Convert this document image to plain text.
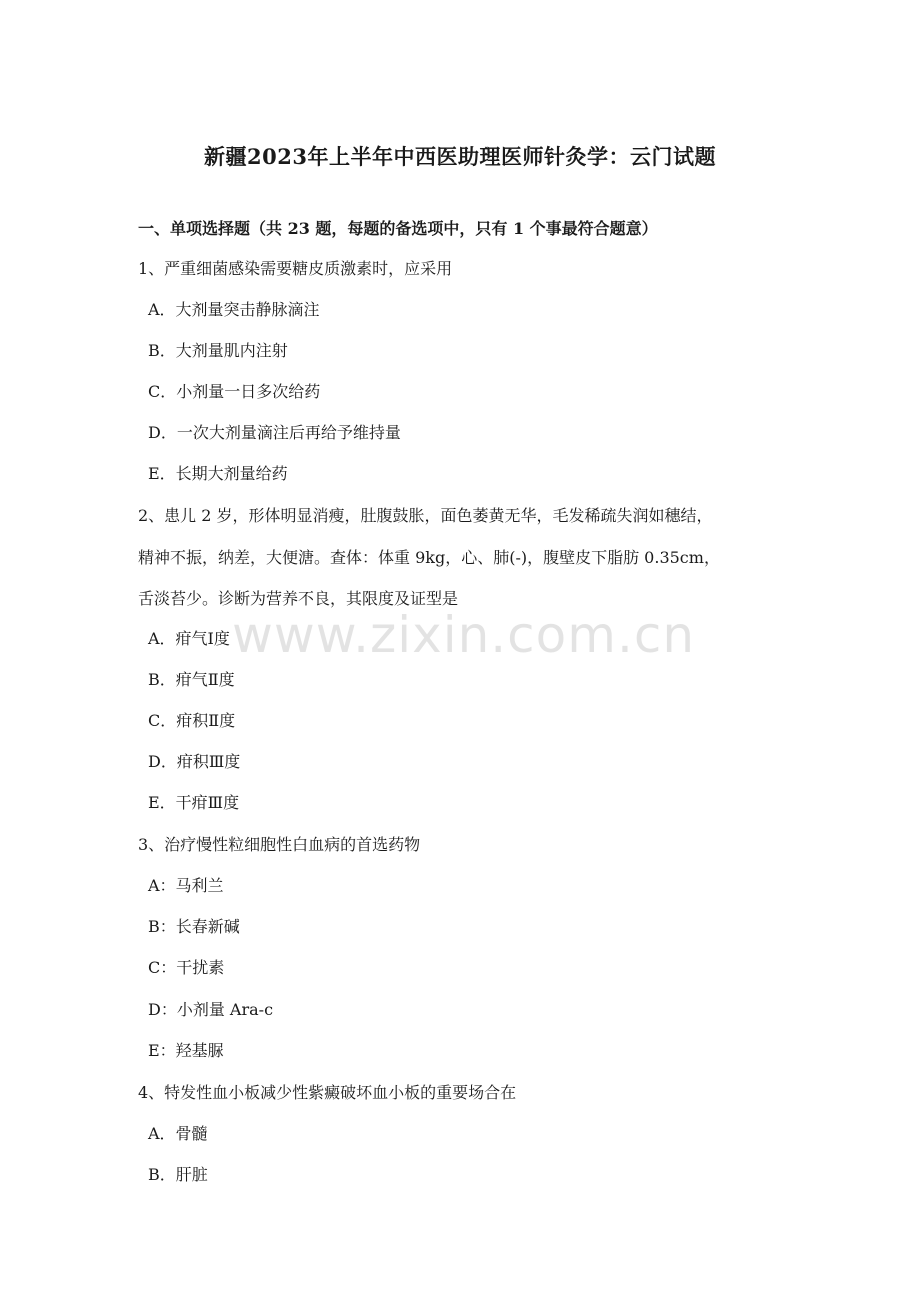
新疆2023年上半年中西医助理医师针灸学：云门试题
一、单项选择题（共 23 题，每题的备选项中，只有 1 个事最符合题意）
1、严重细菌感染需要糖皮质激素时，应采用
A．大剂量突击静脉滴注
B．大剂量肌内注射
C．小剂量一日多次给药
D．一次大剂量滴注后再给予维持量
E．长期大剂量给药
2、患儿 2 岁，形体明显消瘦，肚腹鼓胀，面色萎黄无华，毛发稀疏失润如穗结，
精神不振，纳差，大便溏。查体：体重 9kg，心、肺(-)，腹壁皮下脂肪 0.35cm，
舌淡苔少。诊断为营养不良，其限度及证型是
A．疳气Ⅰ度
B．疳气Ⅱ度
C．疳积Ⅱ度
D．疳积Ⅲ度
E．干疳Ⅲ度
3、治疗慢性粒细胞性白血病的首选药物
A：马利兰
B：长春新碱
C：干扰素
D：小剂量 Ara-c
E：羟基脲
4、特发性血小板减少性紫癜破坏血小板的重要场合在
A．骨髓
B．肝脏
www.zixin.com.cn
